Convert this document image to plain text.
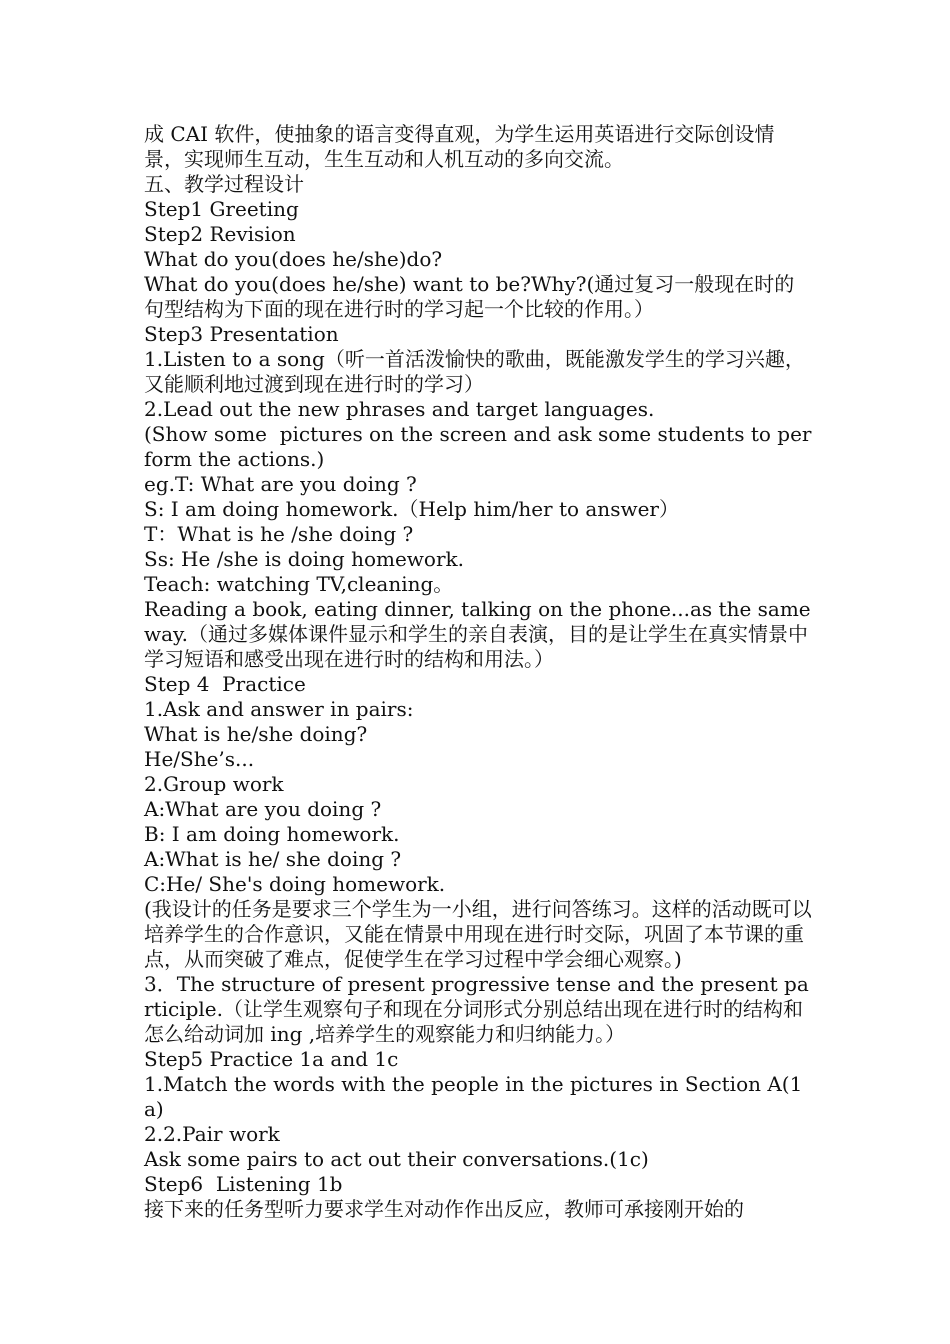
成 CAI 软件，使抽象的语言变得直观，为学生运用英语进行交际创设情景，实现师生互动，生生互动和人机互动的多向交流。

五、教学过程设计

Step1 Greeting

Step2 Revision

What do you(does he/she)do?

What do you(does he/she) want to be?Why?(通过复习一般现在时的句型结构为下面的现在进行时的学习起一个比较的作用。）

Step3 Presentation

1.Listen to a song（听一首活泼愉快的歌曲，既能激发学生的学习兴趣，又能顺利地过渡到现在进行时的学习）

2.Lead out the new phrases and target languages.

(Show some  pictures on the screen and ask some students to perform the actions.)

eg.T: What are you doing ?

S: I am doing homework.（Help him/her to answer）

T：What is he /she doing ?

Ss: He /she is doing homework.

Teach: watching TV,cleaning。

Reading a book, eating dinner, talking on the phone...as the same way.（通过多媒体课件显示和学生的亲自表演，目的是让学生在真实情景中学习短语和感受出现在进行时的结构和用法。）

Step 4  Practice

1.Ask and answer in pairs:

What is he/she doing?

He/She’s...

2.Group work

A:What are you doing ?

B: I am doing homework.

A:What is he/ she doing ?

C:He/ She's doing homework.

(我设计的任务是要求三个学生为一小组，进行问答练习。这样的活动既可以培养学生的合作意识，又能在情景中用现在进行时交际，巩固了本节课的重点，从而突破了难点，促使学生在学习过程中学会细心观察。)

3．The structure of present progressive tense and the present participle.（让学生观察句子和现在分词形式分别总结出现在进行时的结构和怎么给动词加 ing ,培养学生的观察能力和归纳能力。）

Step5 Practice 1a and 1c

1.Match the words with the people in the pictures in Section A(1a)

2.2.Pair work

Ask some pairs to act out their conversations.(1c)

Step6  Listening 1b

接下来的任务型听力要求学生对动作作出反应，教师可承接刚开始的
